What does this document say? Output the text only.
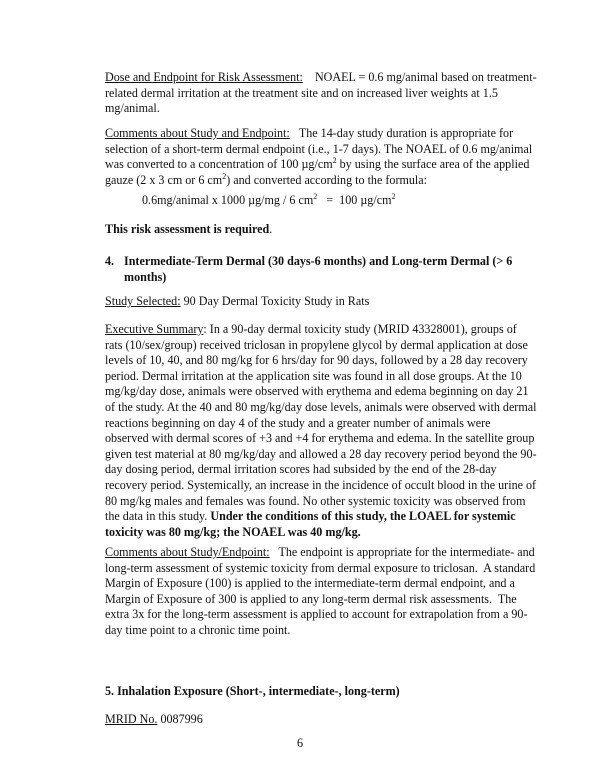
Dose and Endpoint for Risk Assessment: NOAEL = 0.6 mg/animal based on treatment-related dermal irritation at the treatment site and on increased liver weights at 1.5 mg/animal.

Comments about Study and Endpoint: The 14-day study duration is appropriate for selection of a short-term dermal endpoint (i.e., 1-7 days). The NOAEL of 0.6 mg/animal was converted to a concentration of 100 $\mu g/cm^2$ by using the surface area of the applied gauze (2 x 3 cm or 6 $cm^2$) and converted according to the formula:

0.6mg/animal x 1000 µg/mg / 6 $cm^2 = 100$ $\mu g/cm^2$

This risk assessment is required.

4. Intermediate-Term Dermal (30 days-6 months) and Long-term Dermal (> 6 months)

Study Selected: 90 Day Dermal Toxicity Study in Rats

Executive Summary: In a 90-day dermal toxicity study (MRID 43328001), groups of rats (10/sex/group) received triclosan in propylene glycol by dermal application at dose levels of 10, 40, and 80 mg/kg for 6 hrs/day for 90 days, followed by a 28 day recovery period. Dermal irritation at the application site was found in all dose groups. At the 10 mg/kg/day dose, animals were observed with erythema and edema beginning on day 21 of the study. At the 40 and 80 mg/kg/day dose levels, animals were observed with dermal reactions beginning on day 4 of the study and a greater number of animals were observed with dermal scores of +3 and +4 for erythema and edema. In the satellite group given test material at 80 mg/kg/day and allowed a 28 day recovery period beyond the 90-day dosing period, dermal irritation scores had subsided by the end of the 28-day recovery period. Systemically, an increase in the incidence of occult blood in the urine of 80 mg/kg males and females was found. No other systemic toxicity was observed from the data in this study. Under the conditions of this study, the LOAEL for systemic toxicity was 80 mg/kg; the NOAEL was 40 mg/kg.

Comments about Study/Endpoint:   The endpoint is appropriate for the intermediate- and long-term assessment of systemic toxicity from dermal exposure to triclosan.  A standard Margin of Exposure (100) is applied to the intermediate-term dermal endpoint, and a Margin of Exposure of 300 is applied to any long-term dermal risk assessments.  The extra 3x for the long-term assessment is applied to account for extrapolation from a 90-day time point to a chronic time point.

5. Inhalation Exposure (Short-, intermediate-, long-term)

MRID No. 0087996

6
